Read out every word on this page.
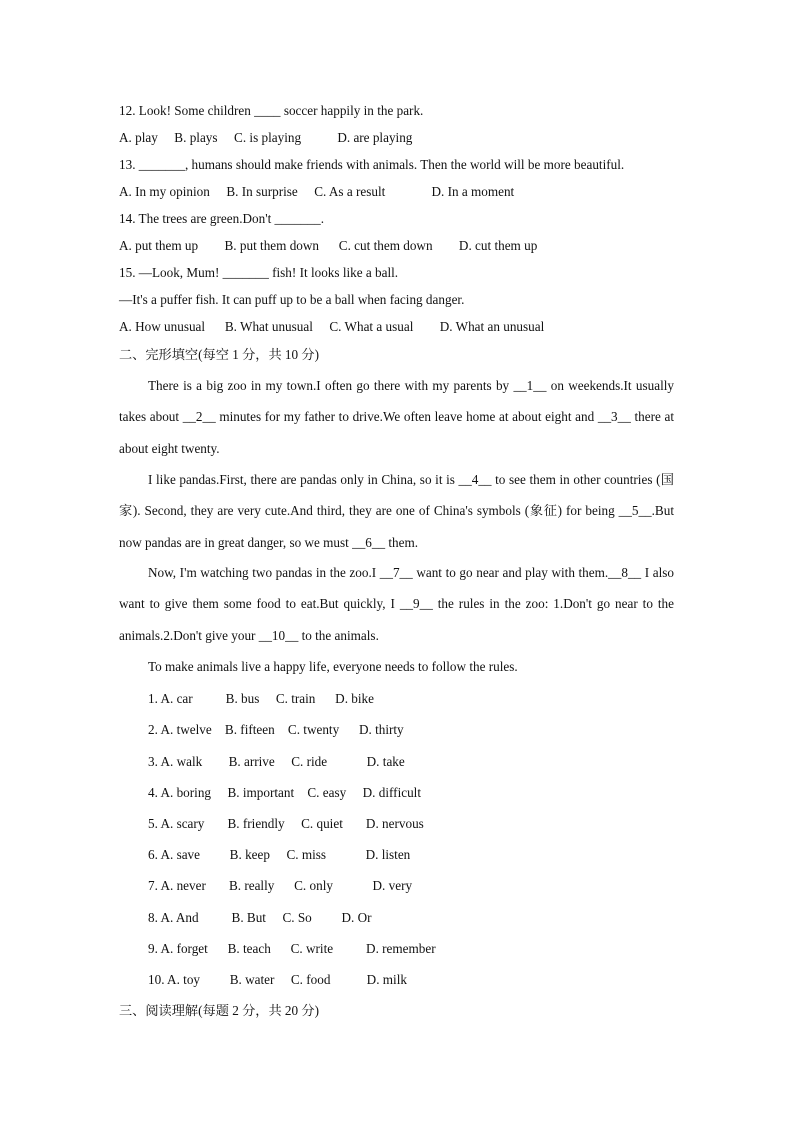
12. Look! Some children ____ soccer happily in the park.
A. play     B. plays     C. is playing           D. are playing
13. _______, humans should make friends with animals. Then the world will be more beautiful.
A. In my opinion     B. In surprise     C. As a result              D. In a moment
14. The trees are green.Don't _______.
A. put them up        B. put them down      C. cut them down        D. cut them up
15. —Look, Mum! _______ fish! It looks like a ball.
—It's a puffer fish. It can puff up to be a ball when facing danger.
A. How unusual      B. What unusual     C. What a usual        D. What an unusual
二、完形填空(每空 1 分，共 10 分)
There is a big zoo in my town.I often go there with my parents by __1__ on weekends.It usually takes about __2__ minutes for my father to drive.We often leave home at about eight and __3__ there at about eight twenty.
I like pandas.First, there are pandas only in China, so it is __4__ to see them in other countries (国家). Second, they are very cute.And third, they are one of China's symbols (象征) for being __5__.But now pandas are in great danger, so we must __6__ them.
Now, I'm watching two pandas in the zoo.I __7__ want to go near and play with them.__8__ I also want to give them some food to eat.But quickly, I __9__ the rules in the zoo: 1.Don't go near to the animals.2.Don't give your __10__ to the animals.
To make animals live a happy life, everyone needs to follow the rules.
1. A. car          B. bus     C. train      D. bike
2. A. twelve    B. fifteen    C. twenty      D. thirty
3. A. walk        B. arrive     C. ride            D. take
4. A. boring     B. important    C. easy     D. difficult
5. A. scary       B. friendly     C. quiet       D. nervous
6. A. save         B. keep     C. miss            D. listen
7. A. never       B. really      C. only            D. very
8. A. And          B. But     C. So         D. Or
9. A. forget      B. teach      C. write          D. remember
10. A. toy         B. water     C. food           D. milk
三、阅读理解(每题 2 分，共 20 分)
